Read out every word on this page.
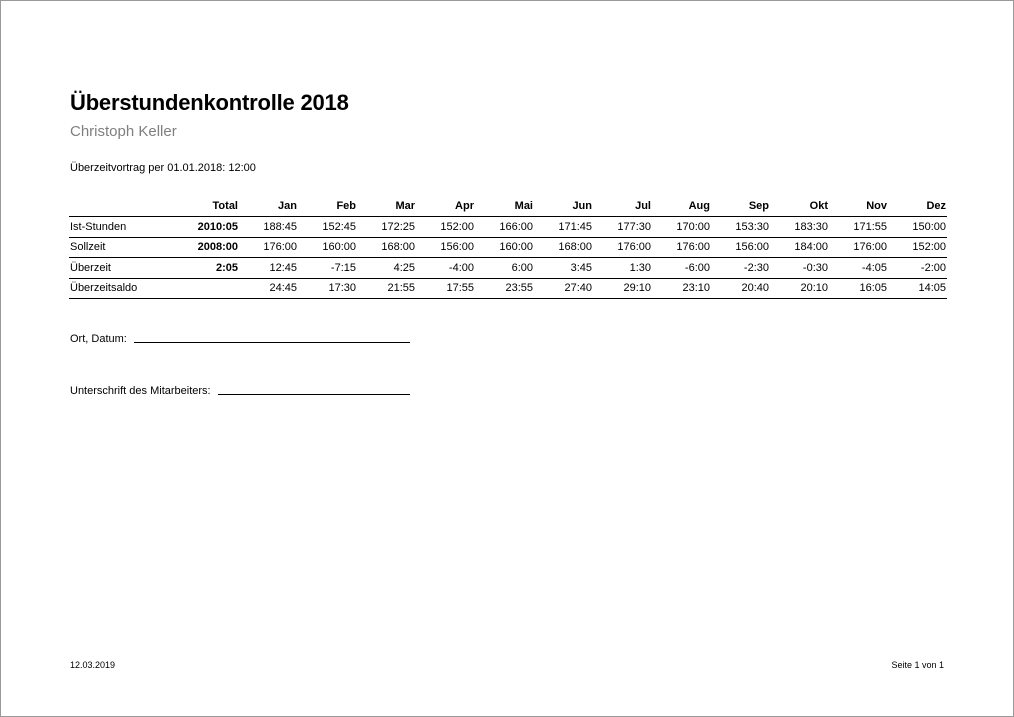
Überstundenkontrolle 2018
Christoph Keller
Überzeitvortrag per 01.01.2018: 12:00
	Total	Jan	Feb	Mar	Apr	Mai	Jun	Jul	Aug	Sep	Okt	Nov	Dez
Ist-Stunden	2010:05	188:45	152:45	172:25	152:00	166:00	171:45	177:30	170:00	153:30	183:30	171:55	150:00
Sollzeit	2008:00	176:00	160:00	168:00	156:00	160:00	168:00	176:00	176:00	156:00	184:00	176:00	152:00
Überzeit	2:05	12:45	-7:15	4:25	-4:00	6:00	3:45	1:30	-6:00	-2:30	-0:30	-4:05	-2:00
Überzeitsaldo		24:45	17:30	21:55	17:55	23:55	27:40	29:10	23:10	20:40	20:10	16:05	14:05
Ort, Datum:
Unterschrift des Mitarbeiters:
12.03.2019	Seite 1 von 1
